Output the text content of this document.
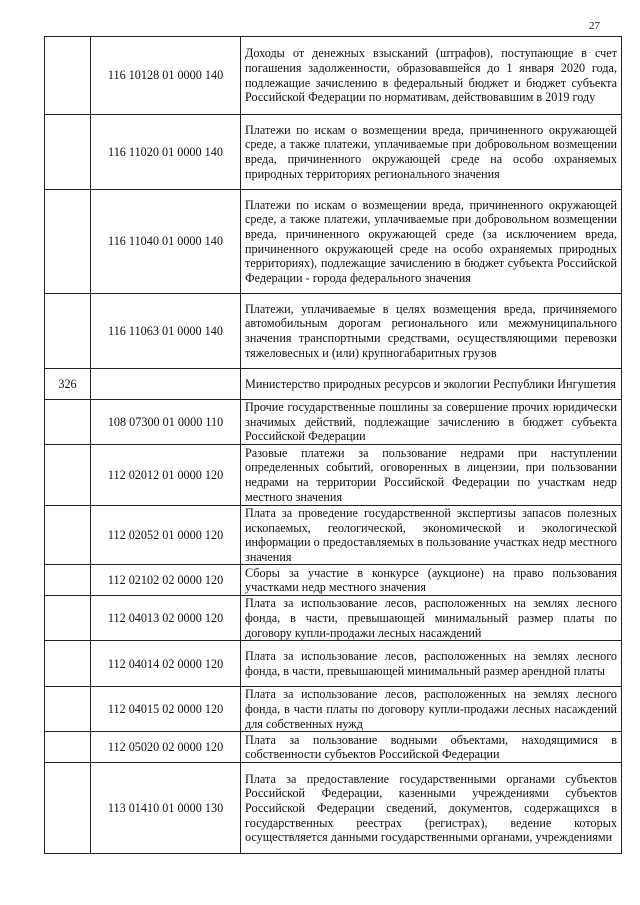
27
	116 10128 01 0000 140	Доходы от денежных взысканий (штрафов), поступающие в счет погашения задолженности, образовавшейся до 1 января 2020 года, подлежащие зачислению в федеральный бюджет и бюджет субъекта Российской Федерации по нормативам, действовавшим в 2019 году
	116 11020 01 0000 140	Платежи по искам о возмещении вреда, причиненного окружающей среде, а также платежи, уплачиваемые при добровольном возмещении вреда, причиненного окружающей среде на особо охраняемых природных территориях регионального значения
	116 11040 01 0000 140	Платежи по искам о возмещении вреда, причиненного окружающей среде, а также платежи, уплачиваемые при добровольном возмещении вреда, причиненного окружающей среде (за исключением вреда, причиненного окружающей среде на особо охраняемых природных территориях), подлежащие зачислению в бюджет субъекта Российской Федерации - города федерального значения
	116 11063 01 0000 140	Платежи, уплачиваемые в целях возмещения вреда, причиняемого автомобильным дорогам регионального или межмуниципального значения транспортными средствами, осуществляющими перевозки тяжеловесных и (или) крупногабаритных грузов
326		Министерство природных ресурсов и экологии Республики Ингушетия
	108 07300 01 0000 110	Прочие государственные пошлины за совершение прочих юридически значимых действий, подлежащие зачислению в бюджет субъекта Российской Федерации
	112 02012 01 0000 120	Разовые платежи за пользование недрами при наступлении определенных событий, оговоренных в лицензии, при пользовании недрами на территории Российской Федерации по участкам недр местного значения
	112 02052 01 0000 120	Плата за проведение государственной экспертизы запасов полезных ископаемых, геологической, экономической и экологической информации о предоставляемых в пользование участках недр местного значения
	112 02102 02 0000 120	Сборы за участие в конкурсе (аукционе) на право пользования участками недр местного значения
	112 04013 02 0000 120	Плата за использование лесов, расположенных на землях лесного фонда, в части, превышающей минимальный размер платы по договору купли-продажи лесных насаждений
	112 04014 02 0000 120	Плата за использование лесов, расположенных на землях лесного фонда, в части, превышающей минимальный размер арендной платы
	112 04015 02 0000 120	Плата за использование лесов, расположенных на землях лесного фонда, в части платы по договору купли-продажи лесных насаждений для собственных нужд
	112 05020 02 0000 120	Плата за пользование водными объектами, находящимися в собственности субъектов Российской Федерации
	113 01410 01 0000 130	Плата за предоставление государственными органами субъектов Российской Федерации, казенными учреждениями субъектов Российской Федерации сведений, документов, содержащихся в государственных реестрах (регистрах), ведение которых осуществляется данными государственными органами, учреждениями
